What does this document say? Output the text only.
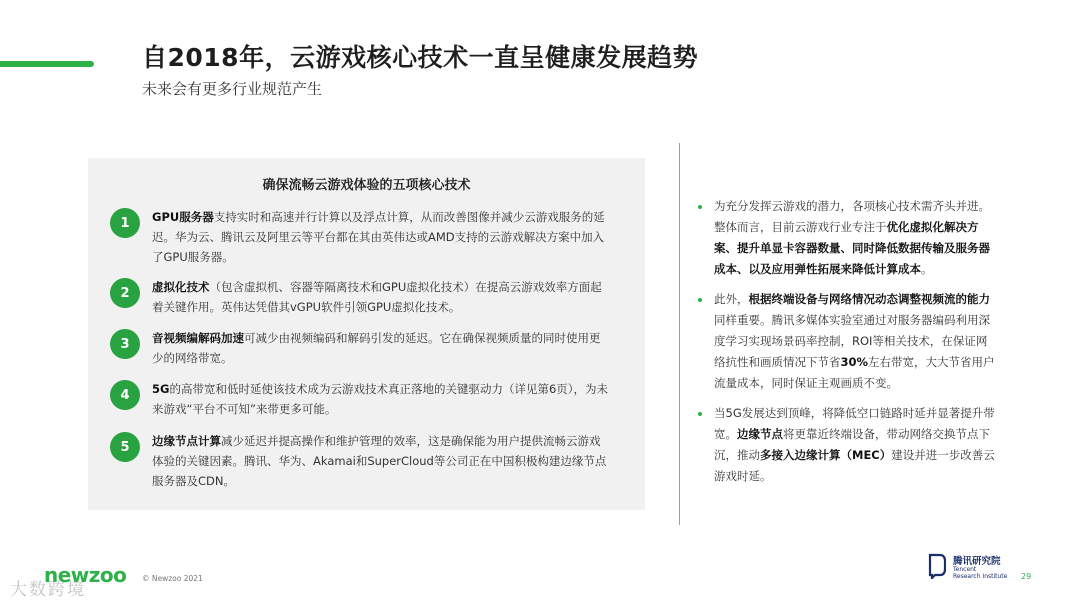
自2018年，云游戏核心技术一直呈健康发展趋势
未来会有更多行业规范产生
确保流畅云游戏体验的五项核心技术
1	GPU服务器支持实时和高速并行计算以及浮点计算，从而改善图像并减少云游戏服务的延迟。华为云、腾讯云及阿里云等平台都在其由英伟达或AMD支持的云游戏解决方案中加入了GPU服务器。
2	虚拟化技术（包含虚拟机、容器等隔离技术和GPU虚拟化技术）在提高云游戏效率方面起着关键作用。英伟达凭借其vGPU软件引领GPU虚拟化技术。
3	音视频编解码加速可减少由视频编码和解码引发的延迟。它在确保视频质量的同时使用更少的网络带宽。
4	5G的高带宽和低时延使该技术成为云游戏技术真正落地的关键驱动力（详见第6页），为未来游戏“平台不可知”来带更多可能。
5	边缘节点计算减少延迟并提高操作和维护管理的效率，这是确保能为用户提供流畅云游戏体验的关键因素。腾讯、华为、Akamai和SuperCloud等公司正在中国积极构建边缘节点服务器及CDN。
为充分发挥云游戏的潜力，各项核心技术需齐头并进。整体而言，目前云游戏行业专注于优化虚拟化解决方案、提升单显卡容器数量、同时降低数据传输及服务器成本、以及应用弹性拓展来降低计算成本。
此外，根据终端设备与网络情况动态调整视频流的能力同样重要。腾讯多媒体实验室通过对服务器编码利用深度学习实现场景码率控制，ROI等相关技术，在保证网络抗性和画质情况下节省30%左右带宽，大大节省用户流量成本，同时保证主观画质不变。
当5G发展达到顶峰，将降低空口链路时延并显著提升带宽。边缘节点将更靠近终端设备，带动网络交换节点下沉，推动多接入边缘计算（MEC）建设并进一步改善云游戏时延。
newzoo © Newzoo 2021
大数跨境
腾讯研究院
Tencent
Research Institute 29
